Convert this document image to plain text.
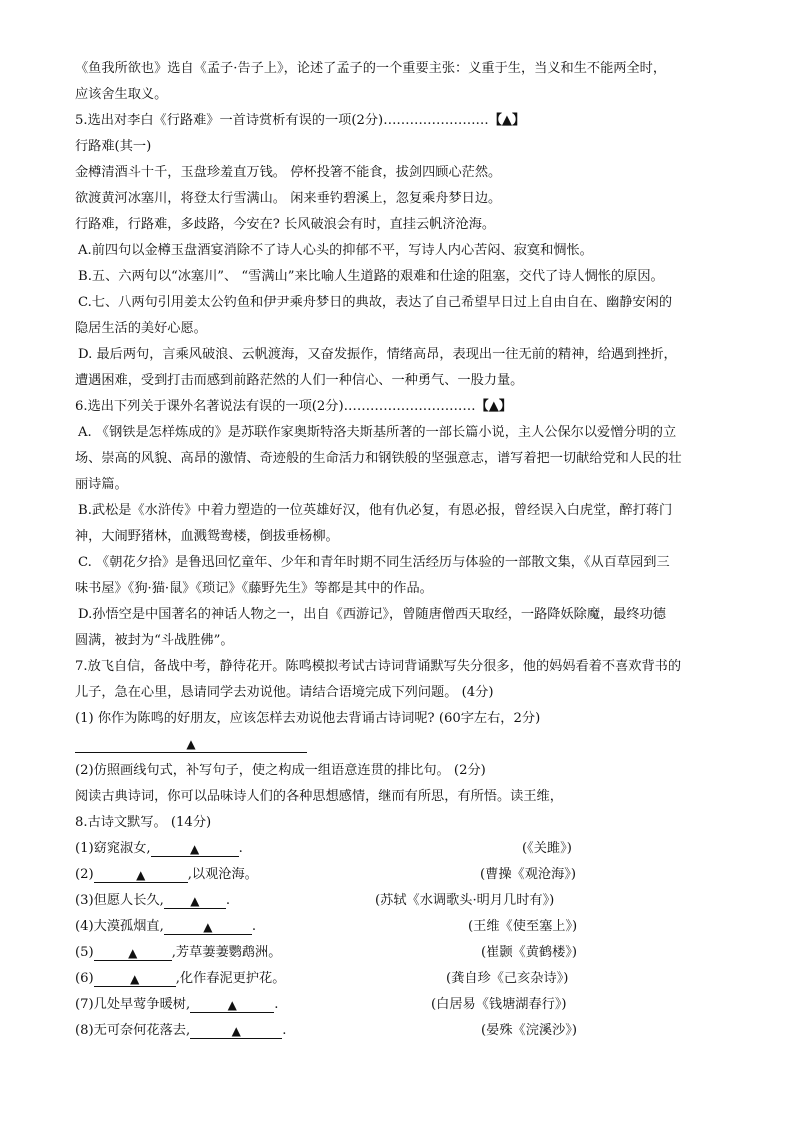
《鱼我所欲也》选自《孟子·告子上》，论述了孟子的一个重要主张：义重于生，当义和生不能两全时，
应该舍生取义。
5.选出对李白《行路难》一首诗赏析有误的一项(2分)……………………【▲】
行路难(其一)
金樽清酒斗十千，玉盘珍羞直万钱。 停杯投箸不能食，拔剑四顾心茫然。
欲渡黄河冰塞川，将登太行雪满山。 闲来垂钓碧溪上，忽复乘舟梦日边。
行路难，行路难，多歧路，今安在? 长风破浪会有时，直挂云帆济沧海。
A.前四句以金樽玉盘酒宴消除不了诗人心头的抑郁不平，写诗人内心苦闷、寂寞和惆怅。
B.五、六两句以“冰塞川”、 “雪满山”来比喻人生道路的艰难和仕途的阻塞，交代了诗人惆怅的原因。
C.七、八两句引用姜太公钓鱼和伊尹乘舟梦日的典故，表达了自己希望早日过上自由自在、幽静安闲的
隐居生活的美好心愿。
D. 最后两句，言乘风破浪、云帆渡海，又奋发振作，情绪高昂，表现出一往无前的精神，给遇到挫折，
遭遇困难，受到打击而感到前路茫然的人们一种信心、一种勇气、一股力量。
6.选出下列关于课外名著说法有误的一项(2分)…………………………【▲】
A. 《钢铁是怎样炼成的》是苏联作家奥斯特洛夫斯基所著的一部长篇小说，主人公保尔以爱憎分明的立
场、崇高的风貌、高昂的激情、奇迹般的生命活力和钢铁般的坚强意志，谱写着把一切献给党和人民的壮
丽诗篇。
B.武松是《水浒传》中着力塑造的一位英雄好汉，他有仇必复，有恩必报，曾经误入白虎堂，醉打蒋门
神，大闹野猪林，血溅鸳鸯楼，倒拔垂杨柳。
C. 《朝花夕拾》是鲁迅回忆童年、少年和青年时期不同生活经历与体验的一部散文集，《从百草园到三
味书屋》《狗·猫·鼠》《琐记》《藤野先生》等都是其中的作品。
D.孙悟空是中国著名的神话人物之一，出自《西游记》，曾随唐僧西天取经，一路降妖除魔，最终功德
圆满，被封为“斗战胜佛”。
7.放飞自信，备战中考，静待花开。陈鸣模拟考试古诗词背诵默写失分很多，他的妈妈看着不喜欢背书的
儿子，急在心里，恳请同学去劝说他。请结合语境完成下列问题。 (4分)
(1) 你作为陈鸣的好朋友，应该怎样去劝说他去背诵古诗词呢? (60字左右，2分)
▲
(2)仿照画线句式，补写句子，使之构成一组语意连贯的排比句。 (2分)
阅读古典诗词，你可以品味诗人们的各种思想感情，继而有所思，有所悟。读王维，
8.古诗文默写。 (14分)
(1)窈窕淑女,	▲	.	(《关雎》)
(2)	▲	,以观沧海。	(曹操《观沧海》)
(3)但愿人长久, ▲ .	(苏轼《水调歌头·明月几时有》)
(4)大漠孤烟直,	▲	.	(王维《使至塞上》)
(5)	▲	,芳草萋萋鹦鹉洲。	(崔颢《黄鹤楼》)
(6)	▲	,化作春泥更护花。	(龚自珍《己亥杂诗》)
(7)几处早莺争暖树,	▲	.	(白居易《钱塘湖春行》)
(8)无可奈何花落去,	▲	.	(晏殊《浣溪沙》)
